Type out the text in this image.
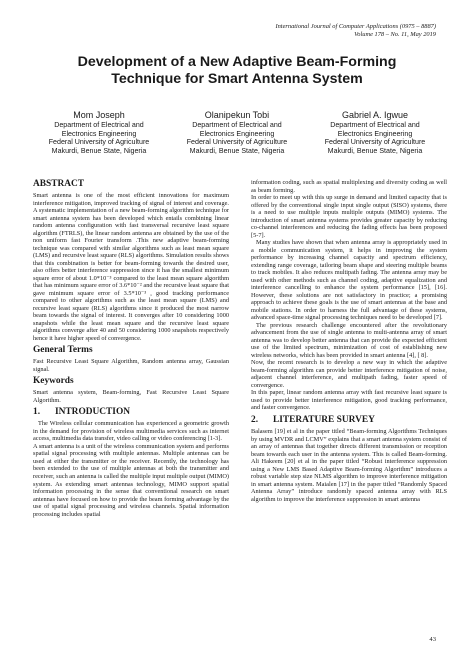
International Journal of Computer Applications (0975 – 8887)
Volume 178 – No. 11, May 2019
Development of a New Adaptive Beam-Forming
Technique for Smart Antenna System
Mom Joseph
Department of Electrical and
Electronics Engineering
Federal University of Agriculture
Makurdi, Benue State, Nigeria
Olanipekun Tobi
Department of Electrical and
Electronics Engineering
Federal University of Agriculture
Makurdi, Benue State, Nigeria
Gabriel A. Igwue
Department of Electrical and
Electronics Engineering
Federal University of Agriculture
Makurdi, Benue State, Nigeria
ABSTRACT

Smart antenna is one of the most efficient innovations for maximum interference mitigation, improved tracking of signal of interest and coverage. A systematic implementation of a new beam-forming algorithm technique for smart antenna system has been developed which entails combining linear random antenna configuration with fast transversal recursive least square algorithm (FTRLS), the linear random antenna are obtained by the use of the non uniform fast Fourier transform .This new adaptive beam-forming technique was compared with similar algorithms such as least mean square (LMS) and recursive least square (RLS) algorithms. Simulation results shows that this combination is better for beam-forming towards the desired user, also offers better interference suppression since it has the smallest minimum square error of about 1.0*10⁻³ compared to the least mean square algorithm that has minimum square error of 3.6*10⁻² and the recursive least square that gave minimum square error of 3.5*10⁻³ , good tracking performance compared to other algorithms such as the least mean square (LMS) and recursive least square (RLS) algorithms since it produced the most narrow beam towards the signal of interest. It converges after 10 considering 1000 snapshots while the least mean square and the recursive least square algorithms converge after 40 and 50 considering 1000 snapshots respectively hence it have higher speed of convergence.

General Terms

Fast Recursive Least Square Algorithm, Random antenna array, Gaussian signal.

Keywords

Smart antenna system, Beam-forming, Fast Recursive Least Square Algorithm.

1.	INTRODUCTION

The Wireless cellular communication has experienced a geometric growth in the demand for provision of wireless multimedia services such as internet access, multimedia data transfer, video calling or video conferencing [1-3].

A smart antenna is a unit of the wireless communication system and performs spatial signal processing with multiple antennas. Multiple antennas can be used at either the transmitter or the receiver. Recently, the technology has been extended to the use of multiple antennas at both the transmitter and receiver, such an antenna is called the multiple input multiple output (MIMO) system. As extending smart antennas technology, MIMO support spatial information processing in the sense that conventional research on smart antennas have focused on how to provide the beam forming advantage by the use of spatial signal processing and wireless channels. Spatial information processing includes spatial

information coding, such as spatial multiplexing and diversity coding as well as beam forming.

In order to meet up with this up surge in demand and limited capacity that is offered by the conventional single input single output (SISO) systems, there is a need to use multiple inputs multiple outputs (MIMO) systems. The introduction of smart antenna systems provides greater capacity by reducing co-channel interferences and reducing the fading effects has been proposed [5-7].

Many studies have shown that when antenna array is appropriately used in a mobile communication system, it helps in improving the system performance by increasing channel capacity and spectrum efficiency, extending range coverage, tailoring beam shape and steering multiple beams to track mobiles. It also reduces multipath fading. The antenna array may be used with other methods such as channel coding, adaptive equalization and interference cancelling to enhance the system performance [15], [16]. However, these solutions are not satisfactory in practice; a promising approach to achieve these goals is the use of smart antennas at the base and mobile stations. In order to harness the full advantage of these systems, advanced space-time signal processing techniques need to be developed [7].

The previous research challenge encountered after the revolutionary advancement from the use of single antenna to multi-antenna array of smart antenna was to develop better antenna that can provide the expected efficient use of the limited spectrum, minimization of cost of establishing new wireless networks, which has been provided in smart antenna [4], [ 8].

Now, the recent research is to develop a new way in which the adaptive beam-forming algorithm can provide better interference mitigation of noise, adjacent channel interference, and multipath fading, faster speed of convergence.

In this paper, linear random antenna array with fast recursive least square is used to provide better interference mitigation, good tracking performance, and faster convergence.

2.	LITERATURE SURVEY

Balasem [19] et al in the paper titled “Beam-forming Algorithms Techniques by using MVDR and LCMV” explains that a smart antenna system consist of an array of antennas that together directs different transmission or reception beam towards each user in the antenna system. This is called Beam-forming. Ali Hakeem [20] et al in the paper titled “Robust interference suppression using a New LMS Based Adaptive Beam-forming Algorithm” introduces a robust variable step size NLMS algorithm to improve interference mitigation in smart antenna system. Maialen [17] in the paper titled “Randomly Spaced Antenna Array” introduce randomly spaced antenna array with RLS algorithm to improve the interference suppression in smart antenna

43
